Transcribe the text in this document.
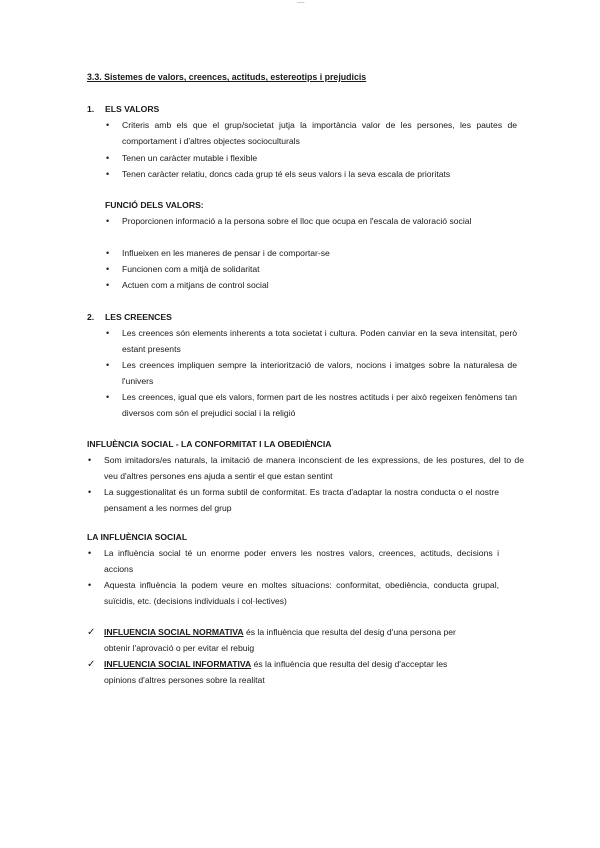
....
3.3. Sistemes de valors, creences, actituds, estereotips i prejudicis
1. ELS VALORS
• Criteris amb els que el grup/societat jutja la importància valor de les persones, les pautes de comportament i d'altres objectes socioculturals
• Tenen un caràcter mutable i flexible
• Tenen caràcter relatiu, doncs cada grup té els seus valors i la seva escala de prioritats
FUNCIÓ DELS VALORS:
• Proporcionen informació a la persona sobre el lloc que ocupa en l'escala de valoració social
• Influeixen en les maneres de pensar i de comportar-se
• Funcionen com a mitjà de solidaritat
• Actuen com a mitjans de control social
2. LES CREENCES
• Les creences són elements inherents a tota societat i cultura. Poden canviar en la seva intensitat, però estant presents
• Les creences impliquen sempre la interiorització de valors, nocions i imatges sobre la naturalesa de l'univers
• Les creences, igual que els valors, formen part de les nostres actituds i per això regeixen fenòmens tan diversos com són el prejudici social i la religió
INFLUÈNCIA SOCIAL - LA CONFORMITAT I LA OBEDIÈNCIA
• Som imitadors/es naturals, la imitació de manera inconscient de les expressions, de les postures, del to de veu d'altres persones ens ajuda a sentir el que estan sentint
• La suggestionalitat és un forma subtil de conformitat. Es tracta d'adaptar la nostra conducta o el nostre pensament a les normes del grup
LA INFLUÈNCIA SOCIAL
• La influència social té un enorme poder envers les nostres valors, creences, actituds, decisions i accions
• Aquesta influència la podem veure en moltes situacions: conformitat, obediència, conducta grupal, suïcidis, etc. (decisions individuals i col·lectives)
✓ INFLUENCIA SOCIAL NORMATIVA és la influència que resulta del desig d'una persona per
obtenir l'aprovació o per evitar el rebuig
✓ INFLUENCIA SOCIAL INFORMATIVA és la influència que resulta del desig d'acceptar les
opinions d'altres persones sobre la realitat
